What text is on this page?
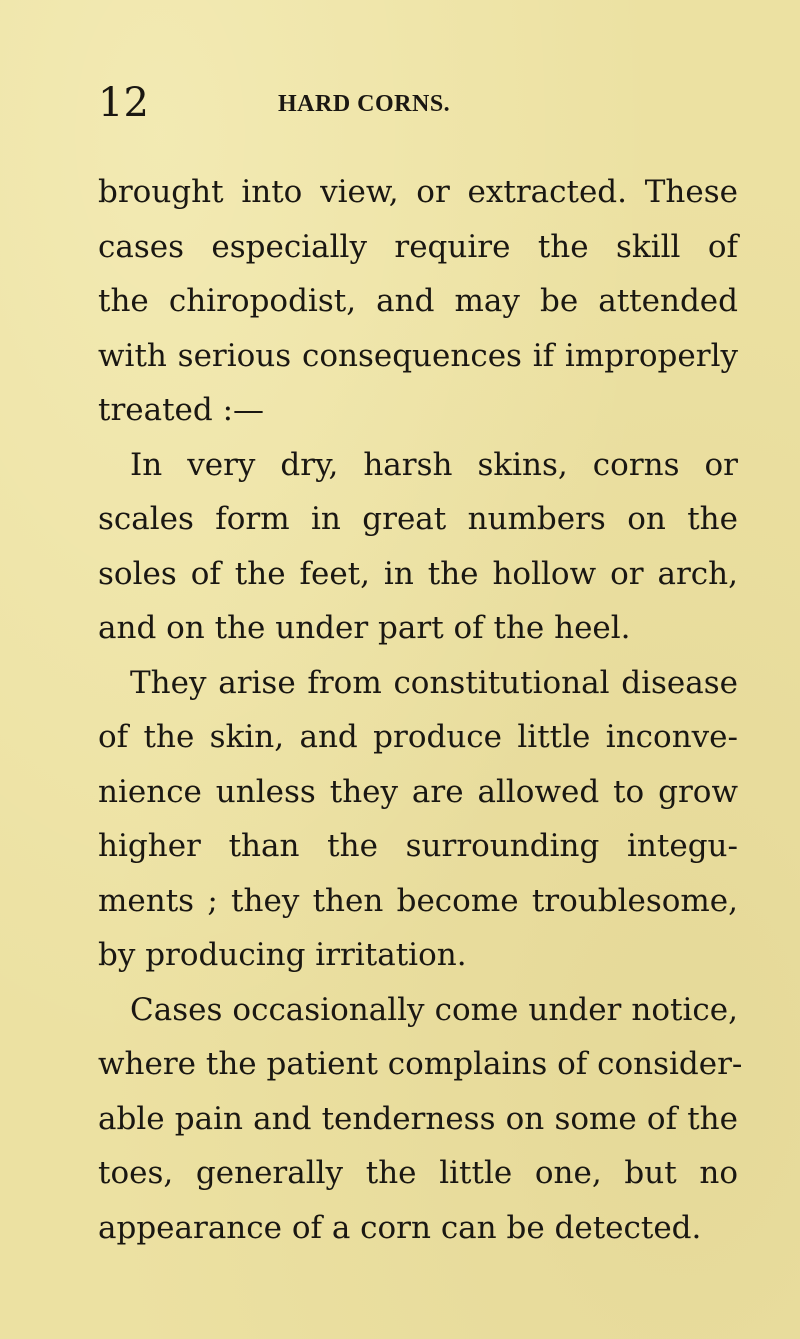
12	HARD CORNS.
brought into view, or extracted. These
cases especially require the skill of
the chiropodist, and may be attended
with serious consequences if improperly
treated :—
In very dry, harsh skins, corns or
scales form in great numbers on the
soles of the feet, in the hollow or arch,
and on the under part of the heel.
They arise from constitutional disease
of the skin, and produce little inconve-
nience unless they are allowed to grow
higher than the surrounding integu-
ments ; they then become troublesome,
by producing irritation.
Cases occasionally come under notice,
where the patient complains of consider-
able pain and tenderness on some of the
toes, generally the little one, but no
appearance of a corn can be detected.
